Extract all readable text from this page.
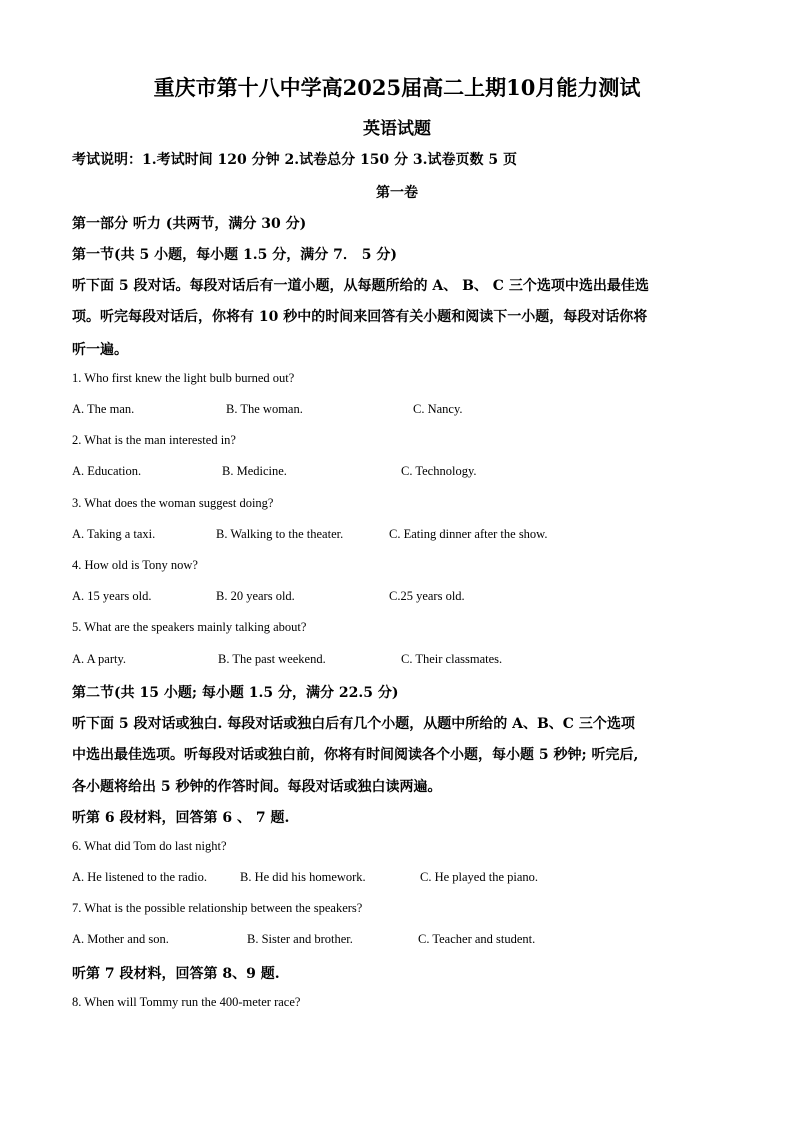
重庆市第十八中学高2025届高二上期10月能力测试
英语试题
考试说明：1.考试时间 120 分钟 2.试卷总分 150 分 3.试卷页数 5 页
第一卷
第一部分 听力 (共两节，满分 30 分)
第一节(共 5 小题，每小题 1.5 分，满分 7． 5 分)
听下面 5 段对话。每段对话后有一道小题，从每题所给的 A、 B、 C 三个选项中选出最佳选
项。听完每段对话后，你将有 10 秒中的时间来回答有关小题和阅读下一小题，每段对话你将
听一遍。
1. Who first knew the light bulb burned out?
A. The man.	B. The woman.	C. Nancy.
2. What is the man interested in?
A. Education.	B. Medicine.	C. Technology.
3. What does the woman suggest doing?
A. Taking a taxi.	B. Walking to the theater.	C. Eating dinner after the show.
4. How old is Tony now?
A. 15 years old.	B. 20 years old.	C.25 years old.
5. What are the speakers mainly talking about?
A. A party.	B. The past weekend.	C. Their classmates.
第二节(共 15 小题; 每小题 1.5 分，满分 22.5 分)
听下面 5 段对话或独白. 每段对话或独白后有几个小题，从题中所给的 A、B、C 三个选项
中选出最佳选项。听每段对话或独白前，你将有时间阅读各个小题，每小题 5 秒钟; 听完后,
各小题将给出 5 秒钟的作答时间。每段对话或独白读两遍。
听第 6 段材料，回答第 6 、 7 题.
6. What did Tom do last night?
A. He listened to the radio.	B. He did his homework.	C. He played the piano.
7. What is the possible relationship between the speakers?
A. Mother and son.	B. Sister and brother.	C. Teacher and student.
听第 7 段材料，回答第 8、9 题.
8. When will Tommy run the 400-meter race?
